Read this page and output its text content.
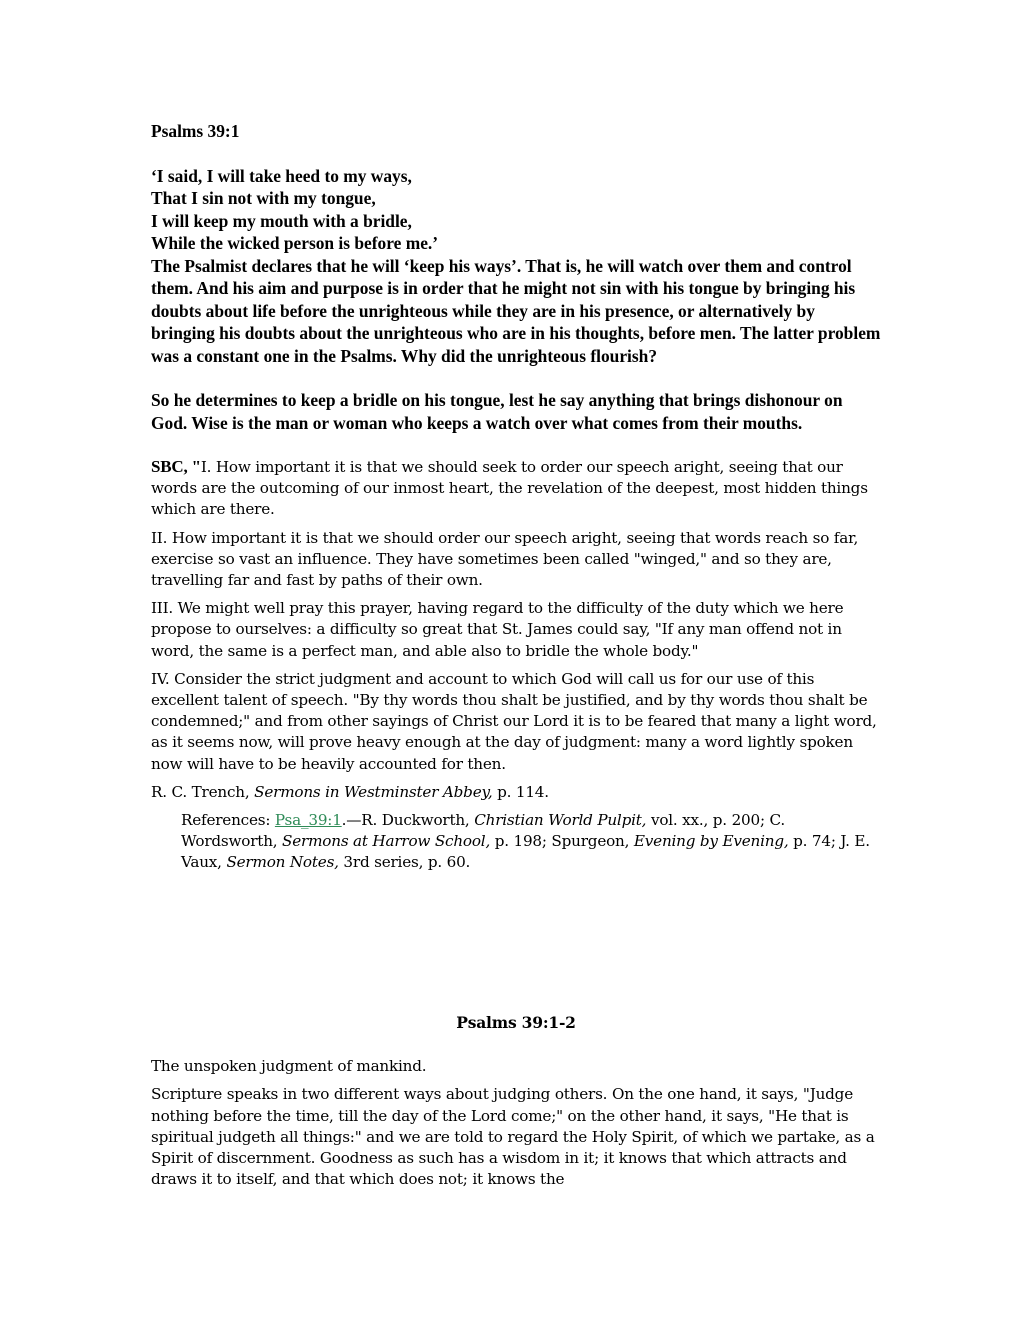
Psalms 39:1

‘I said, I will take heed to my ways,

That I sin not with my tongue,

I will keep my mouth with a bridle,

While the wicked person is before me.’

The Psalmist declares that he will ‘keep his ways’. That is, he will watch over them and control them. And his aim and purpose is in order that he might not sin with his tongue by bringing his doubts about life before the unrighteous while they are in his presence, or alternatively by bringing his doubts about the unrighteous who are in his thoughts, before men. The latter problem was a constant one in the Psalms. Why did the unrighteous flourish?

So he determines to keep a bridle on his tongue, lest he say anything that brings dishonour on God. Wise is the man or woman who keeps a watch over what comes from their mouths.

SBC, "I. How important it is that we should seek to order our speech aright, seeing that our words are the outcoming of our inmost heart, the revelation of the deepest, most hidden things which are there.

II. How important it is that we should order our speech aright, seeing that words reach so far, exercise so vast an influence. They have sometimes been called "winged," and so they are, travelling far and fast by paths of their own.

III. We might well pray this prayer, having regard to the difficulty of the duty which we here propose to ourselves: a difficulty so great that St. James could say, "If any man offend not in word, the same is a perfect man, and able also to bridle the whole body."

IV. Consider the strict judgment and account to which God will call us for our use of this excellent talent of speech. "By thy words thou shalt be justified, and by thy words thou shalt be condemned;" and from other sayings of Christ our Lord it is to be feared that many a light word, as it seems now, will prove heavy enough at the day of judgment: many a word lightly spoken now will have to be heavily accounted for then.

R. C. Trench, Sermons in Westminster Abbey, p. 114.

References: Psa_39:1.—R. Duckworth, Christian World Pulpit, vol. xx., p. 200; C. Wordsworth, Sermons at Harrow School, p. 198; Spurgeon, Evening by Evening, p. 74; J. E. Vaux, Sermon Notes, 3rd series, p. 60.

Psalms 39:1-2

The unspoken judgment of mankind.

Scripture speaks in two different ways about judging others. On the one hand, it says, "Judge nothing before the time, till the day of the Lord come;" on the other hand, it says, "He that is spiritual judgeth all things:" and we are told to regard the Holy Spirit, of which we partake, as a Spirit of discernment. Goodness as such has a wisdom in it; it knows that which attracts and draws it to itself, and that which does not; it knows the
